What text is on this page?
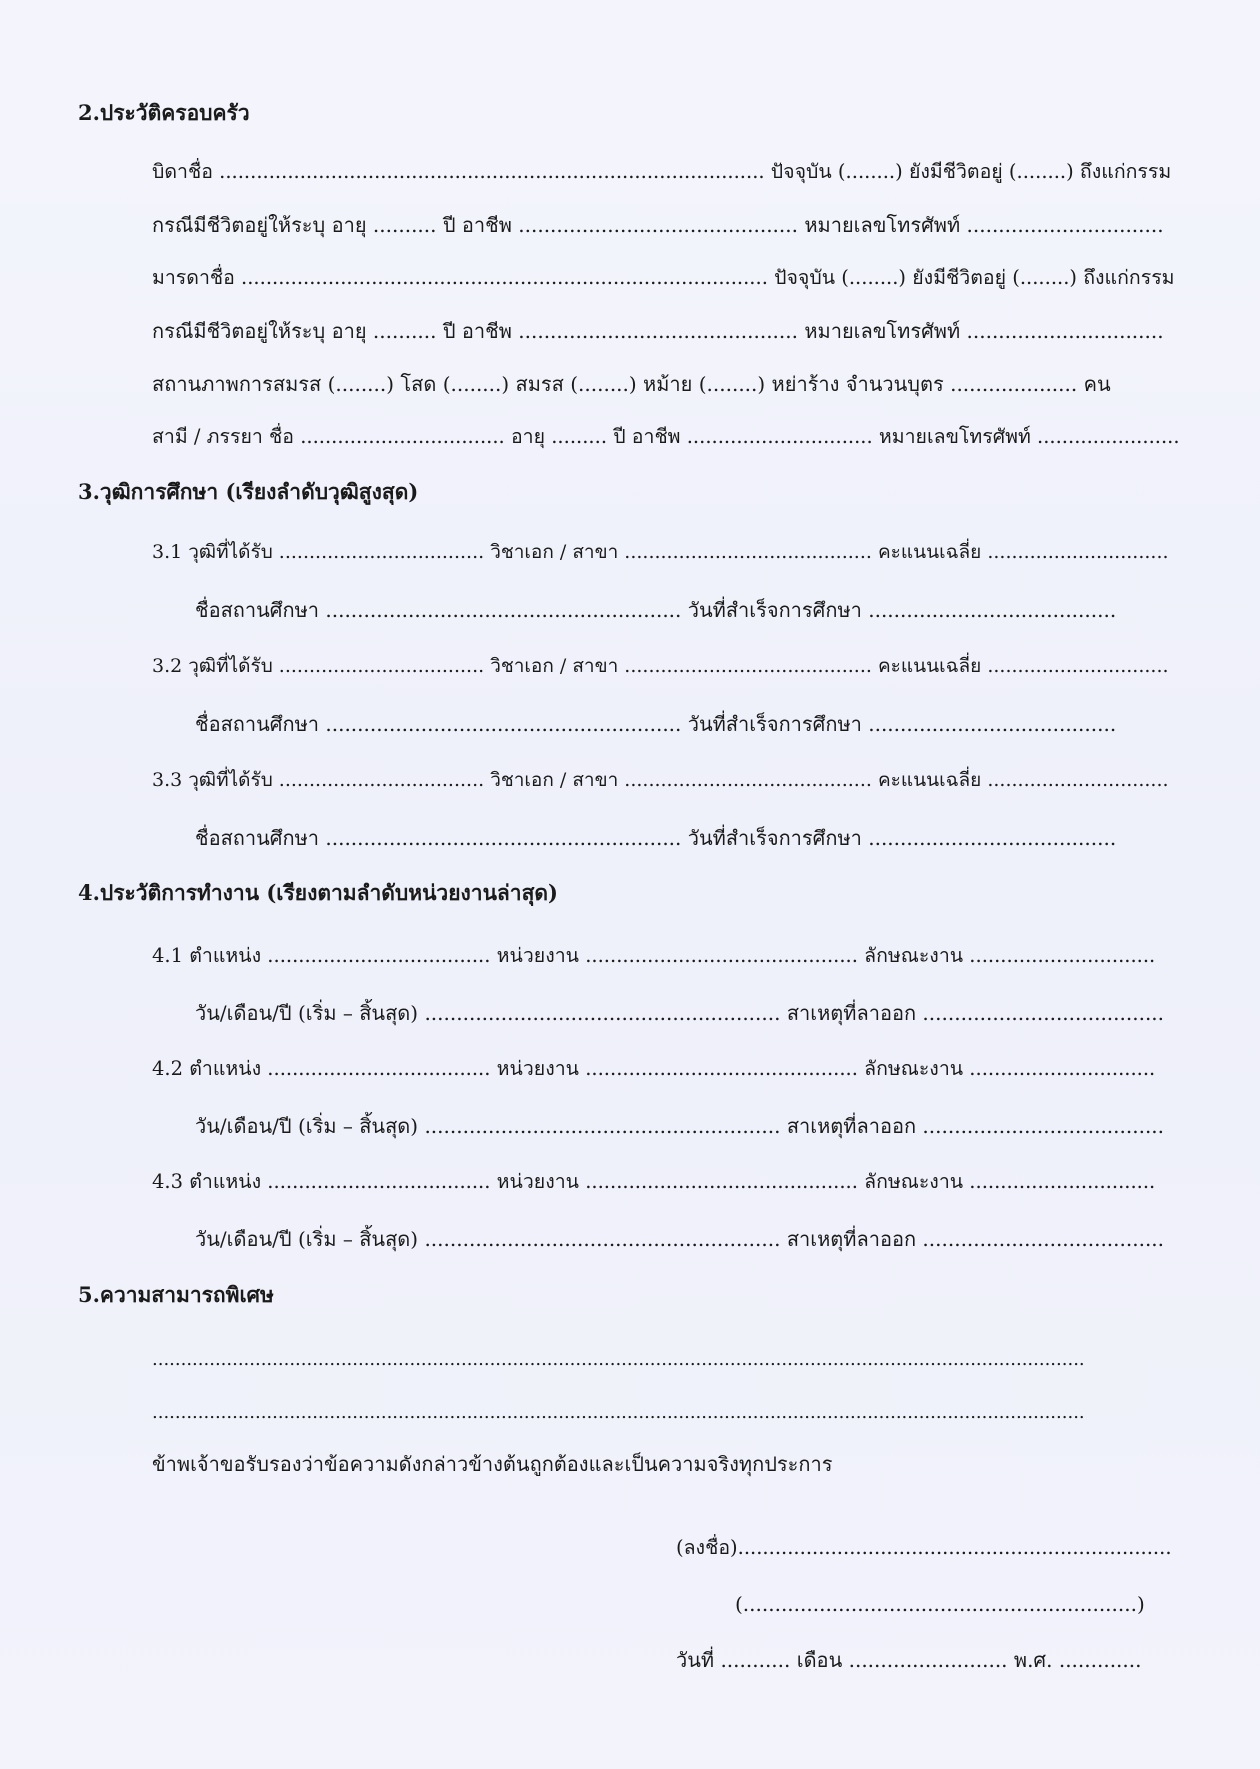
2.ประวัติครอบครัว
บิดาชื่อ ........................................................................................ ปัจจุบัน (........) ยังมีชีวิตอยู่ (........) ถึงแก่กรรม
กรณีมีชีวิตอยู่ให้ระบุ อายุ .......... ปี อาชีพ ............................................ หมายเลขโทรศัพท์ ...............................
มารดาชื่อ ..................................................................................... ปัจจุบัน (........) ยังมีชีวิตอยู่ (........) ถึงแก่กรรม
กรณีมีชีวิตอยู่ให้ระบุ อายุ .......... ปี อาชีพ ............................................ หมายเลขโทรศัพท์ ...............................
สถานภาพการสมรส (........) โสด (........) สมรส (........) หม้าย (........) หย่าร้าง จำนวนบุตร .................... คน
สามี / ภรรยา ชื่อ ................................. อายุ ......... ปี อาชีพ .............................. หมายเลขโทรศัพท์ .......................
3.วุฒิการศึกษา (เรียงลำดับวุฒิสูงสุด)
3.1 วุฒิที่ได้รับ .................................. วิชาเอก / สาขา ......................................... คะแนนเฉลี่ย ..............................
ชื่อสถานศึกษา ........................................................ วันที่สำเร็จการศึกษา .......................................
3.2 วุฒิที่ได้รับ .................................. วิชาเอก / สาขา ......................................... คะแนนเฉลี่ย ..............................
ชื่อสถานศึกษา ........................................................ วันที่สำเร็จการศึกษา .......................................
3.3 วุฒิที่ได้รับ .................................. วิชาเอก / สาขา ......................................... คะแนนเฉลี่ย ..............................
ชื่อสถานศึกษา ........................................................ วันที่สำเร็จการศึกษา .......................................
4.ประวัติการทำงาน (เรียงตามลำดับหน่วยงานล่าสุด)
4.1 ตำแหน่ง .................................... หน่วยงาน ............................................ ลักษณะงาน ..............................
วัน/เดือน/ปี (เริ่ม – สิ้นสุด) ........................................................ สาเหตุที่ลาออก ......................................
4.2 ตำแหน่ง .................................... หน่วยงาน ............................................ ลักษณะงาน ..............................
วัน/เดือน/ปี (เริ่ม – สิ้นสุด) ........................................................ สาเหตุที่ลาออก ......................................
4.3 ตำแหน่ง .................................... หน่วยงาน ............................................ ลักษณะงาน ..............................
วัน/เดือน/ปี (เริ่ม – สิ้นสุด) ........................................................ สาเหตุที่ลาออก ......................................
5.ความสามารถพิเศษ
...................................................................................................................................................................
...................................................................................................................................................................
ข้าพเจ้าขอรับรองว่าข้อความดังกล่าวข้างต้นถูกต้องและเป็นความจริงทุกประการ
(ลงชื่อ)......................................................................
(..............................................................)
วันที่ ........... เดือน ......................... พ.ศ. .............
